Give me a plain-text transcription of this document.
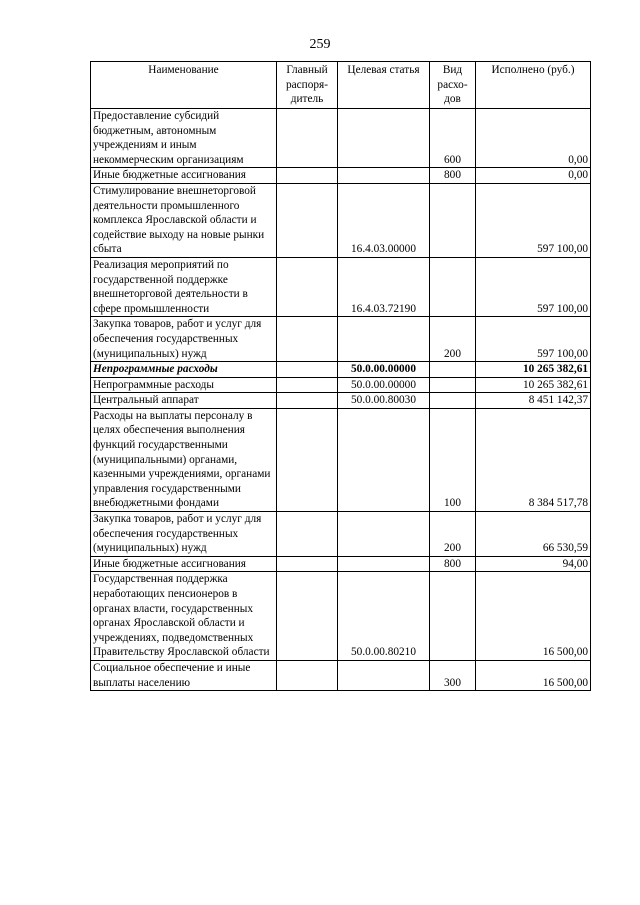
259
Наименование	Главный распоря-дитель	Целевая статья	Вид расхо-дов	Исполнено (руб.)
Предоставление субсидий бюджетным, автономным учреждениям и иным некоммерческим организациям			600	0,00
Иные бюджетные ассигнования			800	0,00
Стимулирование внешнеторговой деятельности промышленного комплекса Ярославской области и содействие выходу на новые рынки сбыта		16.4.03.00000		597 100,00
Реализация мероприятий по государственной поддержке внешнеторговой деятельности в сфере промышленности		16.4.03.72190		597 100,00
Закупка товаров, работ и услуг для обеспечения государственных (муниципальных) нужд			200	597 100,00
Непрограммные расходы		50.0.00.00000		10 265 382,61
Непрограммные расходы		50.0.00.00000		10 265 382,61
Центральный аппарат		50.0.00.80030		8 451 142,37
Расходы на выплаты персоналу в целях обеспечения выполнения функций государственными (муниципальными) органами, казенными учреждениями, органами управления государственными внебюджетными фондами			100	8 384 517,78
Закупка товаров, работ и услуг для обеспечения государственных (муниципальных) нужд			200	66 530,59
Иные бюджетные ассигнования			800	94,00
Государственная поддержка неработающих пенсионеров в органах власти, государственных органах Ярославской области и учреждениях, подведомственных Правительству Ярославской области		50.0.00.80210		16 500,00
Социальное обеспечение и иные выплаты населению			300	16 500,00
